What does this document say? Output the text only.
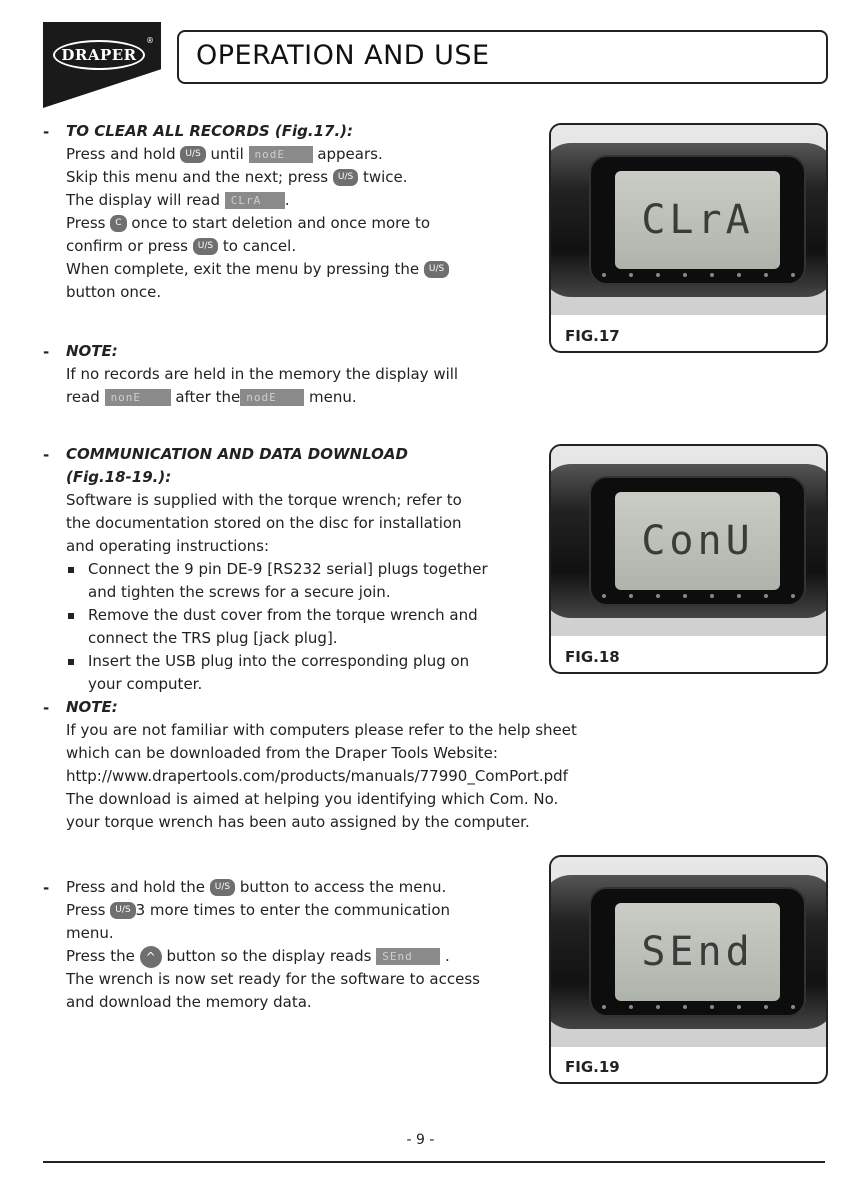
DRAPER
® OPERATION AND USE
- TO CLEAR ALL RECORDS (Fig.17.):
Press and hold U/S until nodE appears.
Skip this menu and the next; press U/S twice.
The display will read CLrA .
Press C once to start deletion and once more to
confirm or press U/S to cancel.
When complete, exit the menu by pressing the U/S
button once.
- NOTE:
If no records are held in the memory the display will
read nonE after the nodE menu.
- COMMUNICATION AND DATA DOWNLOAD
(Fig.18-19.):
Software is supplied with the torque wrench; refer to
the documentation stored on the disc for installation
and operating instructions:
Connect the 9 pin DE-9 [RS232 serial] plugs together
and tighten the screws for a secure join.
Remove the dust cover from the torque wrench and
connect the TRS plug [jack plug].
Insert the USB plug into the corresponding plug on
your computer.
- NOTE:
If you are not familiar with computers please refer to the help sheet
which can be downloaded from the Draper Tools Website:
http://www.drapertools.com/products/manuals/77990_ComPort.pdf
The download is aimed at helping you identifying which Com. No.
your torque wrench has been auto assigned by the computer.
- Press and hold the U/S button to access the menu.
Press U/S 3 more times to enter the communication
menu.
Press the ^ button so the display reads SEnd .
The wrench is now set ready for the software to access
and download the memory data.
CLrA
FIG.17
ConU
FIG.18
SEnd
FIG.19
- 9 -
